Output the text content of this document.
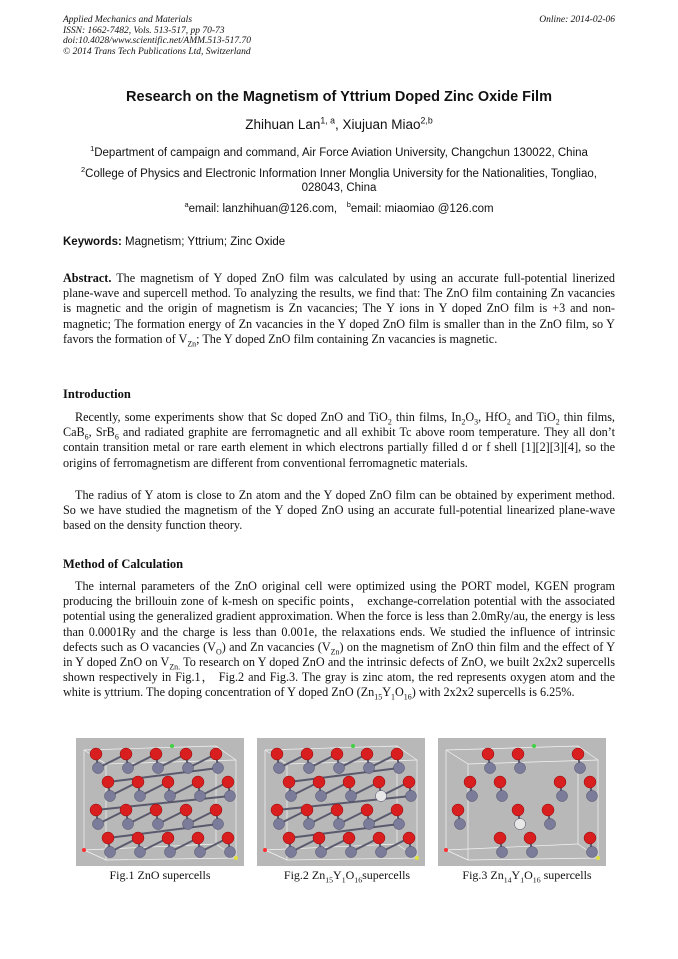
Applied Mechanics and Materials
ISSN: 1662-7482, Vols. 513-517, pp 70-73
doi:10.4028/www.scientific.net/AMM.513-517.70
© 2014 Trans Tech Publications Ltd, Switzerland
Online: 2014-02-06
Research on the Magnetism of Yttrium Doped Zinc Oxide Film
Zhihuan Lan$^{1, a}$, Xiujuan Miao$^{2,b}$
$^1$Department of campaign and command, Air Force Aviation University, Changchun 130022, China
$^2$College of Physics and Electronic Information Inner Monglia University for the Nationalities, Tongliao, 028043, China
$^a$email: lanzhihuan@126.com, $^b$email: miaomiao @126.com
Keywords: Magnetism; Yttrium; Zinc Oxide
Abstract. The magnetism of Y doped ZnO film was calculated by using an accurate full-potential linerized plane-wave and supercell method. To analyzing the results, we find that: The ZnO film containing Zn vacancies is magnetic and the origin of magnetism is Zn vacancies; The Y ions in Y doped ZnO film is +3 and non-magnetic; The formation energy of Zn vacancies in the Y doped ZnO film is smaller than in the ZnO film, so Y favors the formation of $V_{Zn}$; The Y doped ZnO film containing Zn vacancies is magnetic.
Introduction
Recently, some experiments show that Sc doped ZnO and TiO$_2$ thin films, $In_2O_3$, HfO$_2$ and TiO$_2$ thin films, CaB$_6$, SrB$_6$ and radiated graphite are ferromagnetic and all exhibit Tc above room temperature. They all don’t contain transition metal or rare earth element in which electrons partially filled d or f shell [1][2][3][4], so the origins of ferromagnetism are different from conventional ferromagnetic materials.
The radius of Y atom is close to Zn atom and the Y doped ZnO film can be obtained by experiment method. So we have studied the magnetism of the Y doped ZnO using an accurate full-potential linearized plane-wave based on the density function theory.
Method of Calculation
The internal parameters of the ZnO original cell were optimized using the PORT model, KGEN program producing the brillouin zone of k-mesh on specific points， exchange-correlation potential with the associated potential using the generalized gradient approximation. When the force is less than 2.0mRy/au, the energy is less than 0.0001Ry and the charge is less than 0.001e, the relaxations ends. We studied the influence of intrinsic defects such as O vacancies $(V_O)$ and Zn vacancies $(V_{Zn})$ on the magnetism of ZnO thin film and the effect of Y in Y doped ZnO on $V_{Zn.}$ To research on Y doped ZnO and the intrinsic defects of ZnO, we built 2x2x2 supercells shown respectively in Fig.1， Fig.2 and Fig.3. The gray is zinc atom, the red represents oxygen atom and the white is yttrium. The doping concentration of Y doped ZnO $(Zn_{15}Y_1O_{16})$ with 2x2x2 supercells is 6.25%.
Fig.1 ZnO supercells	Fig.2 $Zn_{15}Y_1O_{16}supercells$	Fig.3 $Zn_{14}Y_1O_{16}$ supercells
